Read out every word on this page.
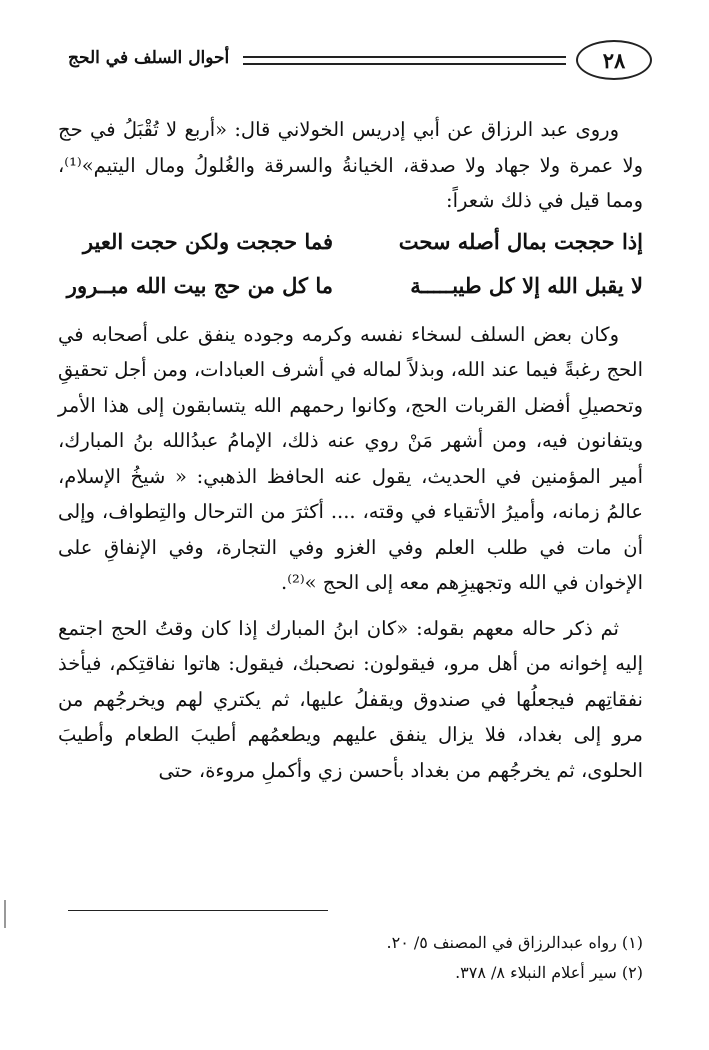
٢٨
أحوال السلف في الحج

وروى عبد الرزاق عن أبي إدريس الخولاني قال: «أربع لا تُقْبَلُ في حج ولا عمرة ولا جهاد ولا صدقة، الخيانةُ والسرقة والغُلولُ ومال اليتيم»⁽¹⁾، ومما قيل في ذلك شعراً:

إذا حججت بمال أصله سحت
فما حججت ولكن حجت العير
لا يقبل الله إلا كل طيبـــــة
ما كل من حج بيت الله مبــرور

وكان بعض السلف لسخاء نفسه وكرمه وجوده ينفق على أصحابه في الحج رغبةً فيما عند الله، وبذلاً لماله في أشرف العبادات، ومن أجل تحقيقِ وتحصيلِ أفضل القربات الحج، وكانوا رحمهم الله يتسابقون إلى هذا الأمر ويتفانون فيه، ومن أشهر مَنْ روي عنه ذلك، الإمامُ عبدُالله بنُ المبارك، أمير المؤمنين في الحديث، يقول عنه الحافظ الذهبي: « شيخُ الإسلام، عالمُ زمانه، وأميرُ الأتقياء في وقته، .... أكثرَ من الترحال والتِطواف، وإلى أن مات في طلب العلم وفي الغزو وفي التجارة، وفي الإنفاقِ على الإخوان في الله وتجهيزِهم معه إلى الحج »⁽²⁾.

ثم ذكر حاله معهم بقوله: «كان ابنُ المبارك إذا كان وقتُ الحج اجتمع إليه إخوانه من أهل مرو، فيقولون: نصحبك، فيقول: هاتوا نفاقتِكم، فيأخذ نفقاتِهم فيجعلُها في صندوق ويقفلُ عليها، ثم يكتري لهم ويخرجُهم من مرو إلى بغداد، فلا يزال ينفق عليهم ويطعمُهم أطيبَ الطعام وأطيبَ الحلوى، ثم يخرجُهم من بغداد بأحسن زي وأكملِ مروءة، حتى

(١) رواه عبدالرزاق في المصنف ٥/ ٢٠.
(٢) سير أعلام النبلاء ٨/ ٣٧٨.
